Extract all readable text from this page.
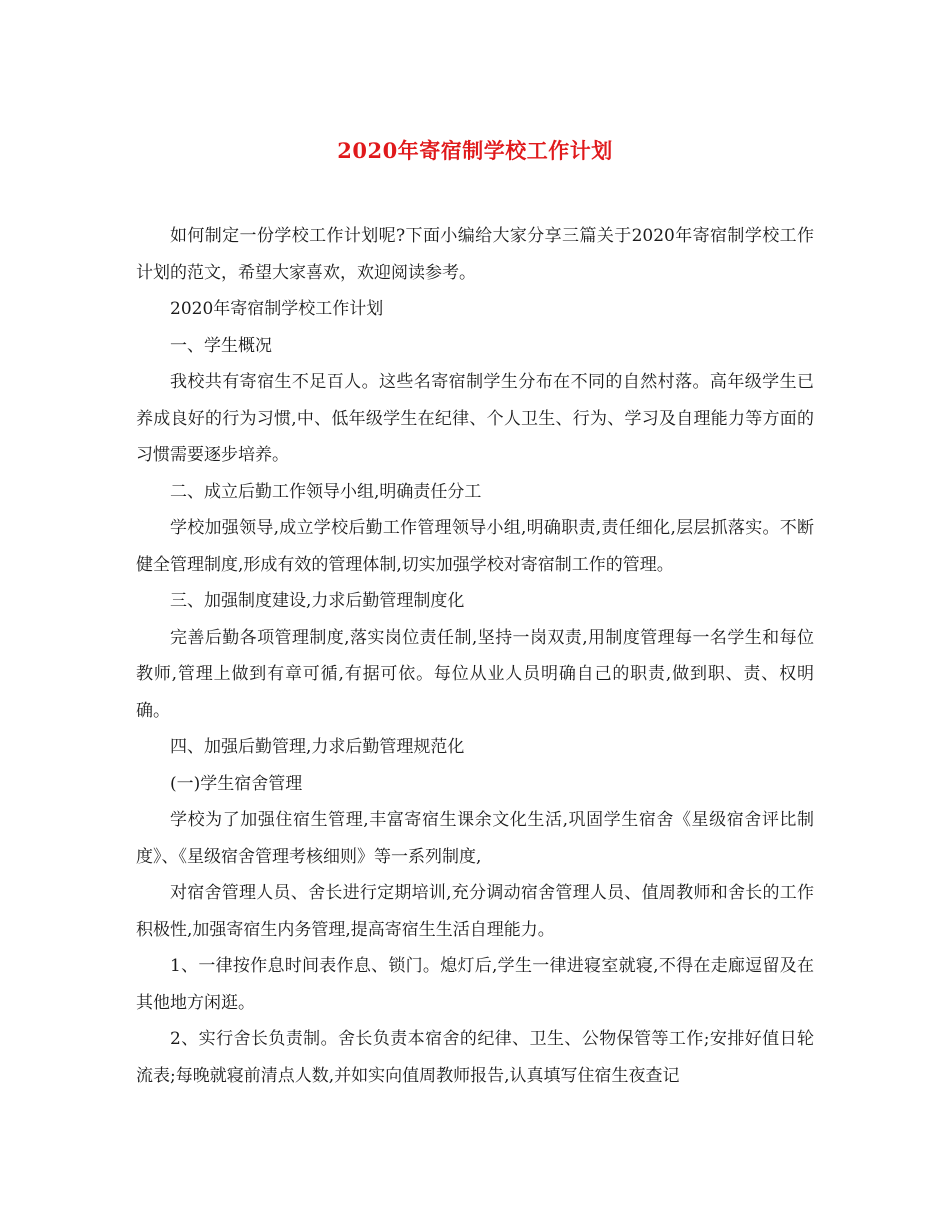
2020年寄宿制学校工作计划

如何制定一份学校工作计划呢?下面小编给大家分享三篇关于2020年寄宿制学校工作计划的范文，希望大家喜欢，欢迎阅读参考。

2020年寄宿制学校工作计划

一、学生概况

我校共有寄宿生不足百人。这些名寄宿制学生分布在不同的自然村落。高年级学生已养成良好的行为习惯,中、低年级学生在纪律、个人卫生、行为、学习及自理能力等方面的习惯需要逐步培养。

二、成立后勤工作领导小组,明确责任分工

学校加强领导,成立学校后勤工作管理领导小组,明确职责,责任细化,层层抓落实。不断健全管理制度,形成有效的管理体制,切实加强学校对寄宿制工作的管理。

三、加强制度建设,力求后勤管理制度化

完善后勤各项管理制度,落实岗位责任制,坚持一岗双责,用制度管理每一名学生和每位教师,管理上做到有章可循,有据可依。每位从业人员明确自己的职责,做到职、责、权明确。

四、加强后勤管理,力求后勤管理规范化

(一)学生宿舍管理

学校为了加强住宿生管理,丰富寄宿生课余文化生活,巩固学生宿舍《星级宿舍评比制度》、《星级宿舍管理考核细则》等一系列制度,

对宿舍管理人员、舍长进行定期培训,充分调动宿舍管理人员、值周教师和舍长的工作积极性,加强寄宿生内务管理,提高寄宿生生活自理能力。

1、一律按作息时间表作息、锁门。熄灯后,学生一律进寝室就寝,不得在走廊逗留及在其他地方闲逛。

2、实行舍长负责制。舍长负责本宿舍的纪律、卫生、公物保管等工作;安排好值日轮流表;每晚就寝前清点人数,并如实向值周教师报告,认真填写住宿生夜查记
